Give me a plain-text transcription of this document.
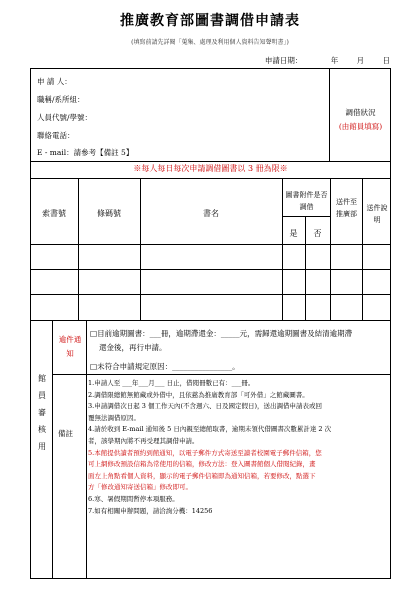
推廣教育部圖書調借申請表
(填寫前請先詳閱「蒐集、處理及利用個人資料告知聲明書」)
申請日期：	年 月 日
申 請 人：
職稱/系所組：
人員代號/學號：
聯絡電話：
E - mail：請參考【備註 5】
調借狀況
(由館員填寫)
※每人每日每次申請調借圖書以 3 冊為限※
索書號	條碼號	書名
圖書附件是否調借
是	否
送件至推廣部
送件說明
館員審核用
逾件通知
□目前逾期圖書：___冊，逾期滯還金：_____元，需歸還逾期圖書及結清逾期滯
還金後，再行申請。
□未符合申請規定原因：________________。
備註
1.申請人至 ___年___月___ 日止，借閱冊數已有：___冊。
2.調借限總館無館藏或外借中，且依慈為推廣教育部「可外借」之館藏圖書。
3.申請調借次日起 3 個工作天內(不含週六、日及國定假日)，送出調借申請表或回
覆無法調借原因。
4.請於收到 E-mail 通知後 5 日內親至總館取書，逾期未領代借圖書次數累計達 2 次
者，該學期內將不再受理其調借申請。
5.本館提供讀者預約到館通知，以電子郵件方式寄送至讀者校園電子郵件信箱，您
可上網修改預設信箱為常使用的信箱，修改方法：登入圖書館個人借閱紀錄，畫
面左上角點看個人資料，顯示的電子郵件信箱即為通知信箱，若要修改，點選下
方「修改通知寄送信箱」修改即可。
6.寒、暑假期間暫停本項服務。
7.如有相關申辦問題，請洽詢分機：14256
